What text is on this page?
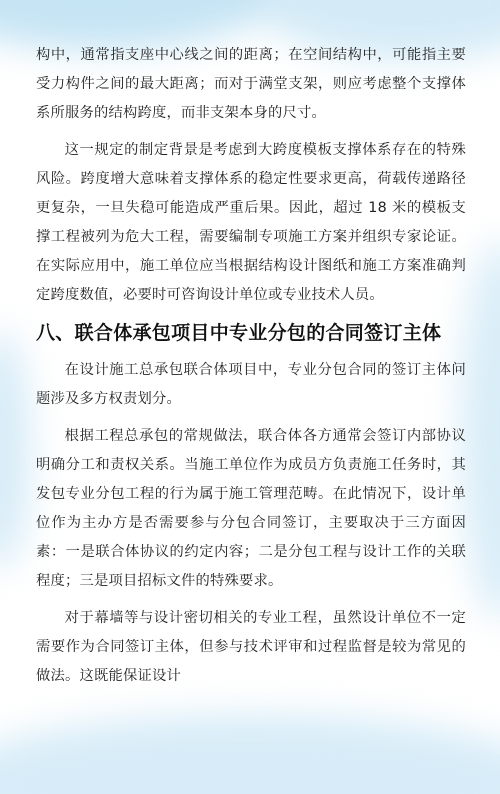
构中，通常指支座中心线之间的距离；在空间结构中，可能指主要受力构件之间的最大距离；而对于满堂支架，则应考虑整个支撑体系所服务的结构跨度，而非支架本身的尺寸。

这一规定的制定背景是考虑到大跨度模板支撑体系存在的特殊风险。跨度增大意味着支撑体系的稳定性要求更高，荷载传递路径更复杂，一旦失稳可能造成严重后果。因此，超过 18 米的模板支撑工程被列为危大工程，需要编制专项施工方案并组织专家论证。在实际应用中，施工单位应当根据结构设计图纸和施工方案准确判定跨度数值，必要时可咨询设计单位或专业技术人员。

八、联合体承包项目中专业分包的合同签订主体

在设计施工总承包联合体项目中，专业分包合同的签订主体问题涉及多方权责划分。

根据工程总承包的常规做法，联合体各方通常会签订内部协议明确分工和责权关系。当施工单位作为成员方负责施工任务时，其发包专业分包工程的行为属于施工管理范畴。在此情况下，设计单位作为主办方是否需要参与分包合同签订，主要取决于三方面因素：一是联合体协议的约定内容；二是分包工程与设计工作的关联程度；三是项目招标文件的特殊要求。

对于幕墙等与设计密切相关的专业工程，虽然设计单位不一定需要作为合同签订主体，但参与技术评审和过程监督是较为常见的做法。这既能保证设计
